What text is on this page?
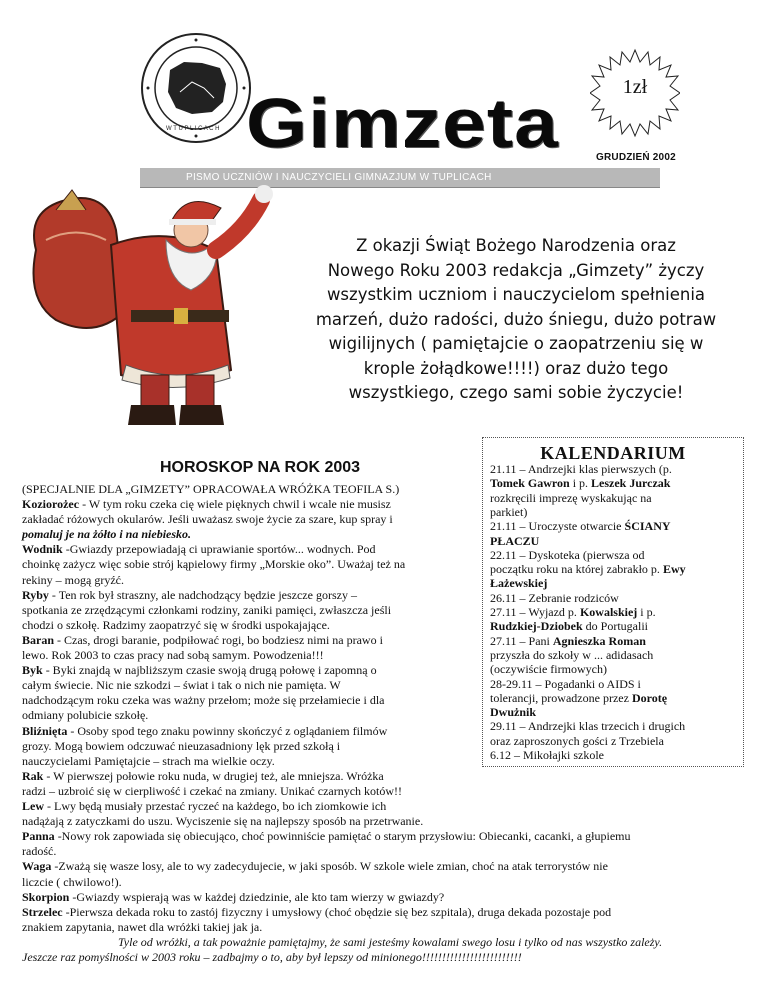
W T U P L I C A C H Gimzeta	1zł
GRUDZIEŃ 2002
PISMO UCZNIÓW I NAUCZYCIELI GIMNAZJUM W TUPLICACH
Z okazji Świąt Bożego Narodzenia oraz
Nowego Roku 2003 redakcja „Gimzety” życzy
wszystkim uczniom i nauczycielom spełnienia
marzeń, dużo radości, dużo śniegu, dużo potraw
wigilijnych ( pamiętajcie o zaopatrzeniu się w
krople żołądkowe!!!!) oraz dużo tego
wszystkiego, czego sami sobie życzycie!
HOROSKOP NA ROK 2003
(SPECJALNIE DLA „GIMZETY” OPRACOWAŁA WRÓŻKA TEOFILA S.)
Koziorożec - W tym roku czeka cię wiele pięknych chwil i wcale nie musisz
zakładać różowych okularów. Jeśli uważasz swoje życie za szare, kup spray i
pomaluj je na żółto i na niebiesko.
Wodnik -Gwiazdy przepowiadają ci uprawianie sportów... wodnych. Pod
choinkę zażycz więc sobie strój kąpielowy firmy „Morskie oko”. Uważaj też na
rekiny – mogą gryźć.
Ryby - Ten rok był straszny, ale nadchodzący będzie jeszcze gorszy –
spotkania ze zrzędzącymi członkami rodziny, zaniki pamięci, zwłaszcza jeśli
chodzi o szkołę. Radzimy zaopatrzyć się w środki uspokajające.
Baran - Czas, drogi baranie, podpiłować rogi, bo bodziesz nimi na prawo i
lewo. Rok 2003 to czas pracy nad sobą samym. Powodzenia!!!
Byk - Byki znajdą w najbliższym czasie swoją drugą połowę i zapomną o
całym świecie. Nic nie szkodzi – świat i tak o nich nie pamięta. W
nadchodzącym roku czeka was ważny przełom; może się przełamiecie i dla
odmiany polubicie szkołę.
Bliźnięta - Osoby spod tego znaku powinny skończyć z oglądaniem filmów
grozy. Mogą bowiem odczuwać nieuzasadniony lęk przed szkołą i
nauczycielami Pamiętajcie – strach ma wielkie oczy.
Rak - W pierwszej połowie roku nuda, w drugiej też, ale mniejsza. Wróżka
radzi – uzbroić się w cierpliwość i czekać na zmiany. Unikać czarnych kotów!!
Lew - Lwy będą musiały przestać ryczeć na każdego, bo ich ziomkowie ich
nadążają z zatyczkami do uszu. Wyciszenie się na najlepszy sposób na przetrwanie.
Panna -Nowy rok zapowiada się obiecująco, choć powinniście pamiętać o starym przysłowiu: Obiecanki, cacanki, a głupiemu
radość.
Waga -Zważą się wasze losy, ale to wy zadecydujecie, w jaki sposób. W szkole wiele zmian, choć na atak terrorystów nie
liczcie ( chwilowo!).
Skorpion -Gwiazdy wspierają was w każdej dziedzinie, ale kto tam wierzy w gwiazdy?
Strzelec -Pierwsza dekada roku to zastój fizyczny i umysłowy (choć obędzie się bez szpitala), druga dekada pozostaje pod
znakiem zapytania, nawet dla wróżki takiej jak ja.
Tyle od wróżki, a tak poważnie pamiętajmy, że sami jesteśmy kowalami swego losu i tylko od nas wszystko zależy.
Jeszcze raz pomyślności w 2003 roku – zadbajmy o to, aby był lepszy od minionego!!!!!!!!!!!!!!!!!!!!!!!!!
KALENDARIUM
21.11 – Andrzejki klas pierwszych (p.
Tomek Gawron i p. Leszek Jurczak
rozkręcili imprezę wyskakując na
parkiet)
21.11 – Uroczyste otwarcie ŚCIANY
PŁACZU
22.11 – Dyskoteka (pierwsza od
początku roku na której zabrakło p. Ewy
Łażewskiej
26.11 – Zebranie rodziców
27.11 – Wyjazd p. Kowalskiej i p.
Rudzkiej-Dziobek do Portugalii
27.11 – Pani Agnieszka Roman
przyszła do szkoły w ... adidasach
(oczywiście firmowych)
28-29.11 – Pogadanki o AIDS i
tolerancji, prowadzone przez Dorotę
Dwużnik
29.11 – Andrzejki klas trzecich i drugich
oraz zaproszonych gości z Trzebiela
6.12 – Mikołajki szkole
